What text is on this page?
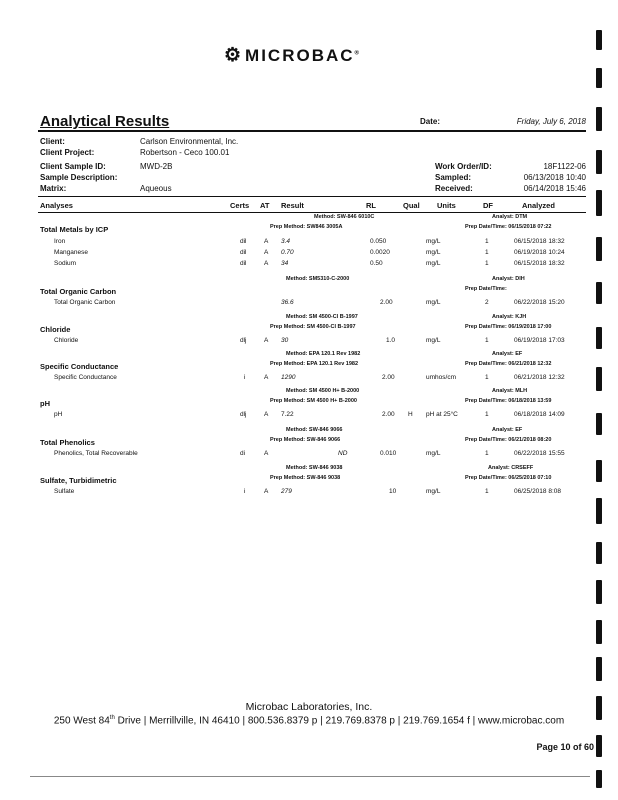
⚙ MICROBAC®
Analytical Results	Date:	Friday, July 6, 2018
Client:	Carlson Environmental, Inc.
Client Project:	Robertson - Ceco 100.01
Client Sample ID:	MWD-2B
Sample Description:
Matrix:	Aqueous
Work Order/ID:	18F1122-06
Sampled:	06/13/2018 10:40
Received:	06/14/2018 15:46
Analyses	Certs AT Result	RL	Qual Units	DF	Analyzed
Method: SW-846 6010C	Analyst: DTM
Total Metals by ICP	Prep Method: SW846 3005A	Prep Date/Time: 06/15/2018 07:22
Iron	dil	A 3.4	0.050	mg/L	1	06/15/2018 18:32
Manganese	dil	A 0.70	0.0020	mg/L	1	06/19/2018 10:24
Sodium	dil	A 34	0.50	mg/L	1	06/15/2018 18:32
Method: SM5310-C-2000	Analyst: DIH
Total Organic Carbon	Prep Date/Time:
Total Organic Carbon	36.6	2.00	mg/L	2	06/22/2018 15:20
Method: SM 4500-Cl B-1997	Analyst: KJH
Chloride	Prep Method: SM 4500-Cl B-1997	Prep Date/Time: 06/19/2018 17:00
Chloride	dlj	A 30	1.0	mg/L	1	06/19/2018 17:03
Method: EPA 120.1 Rev 1982	Analyst: EF
Specific Conductance	Prep Method: EPA 120.1 Rev 1982	Prep Date/Time: 06/21/2018 12:32
Specific Conductance	i	A 1290	2.00	umhos/cm	1	06/21/2018 12:32
Method: SM 4500 H+ B-2000	Analyst: MLH
pH	Prep Method: SM 4500 H+ B-2000	Prep Date/Time: 06/18/2018 13:59
pH	dlj	A 7.22	2.00 H pH at 25°C	1	06/18/2018 14:09
Method: SW-846 9066	Analyst: EF
Total Phenolics	Prep Method: SW-846 9066	Prep Date/Time: 06/21/2018 08:20
Phenolics, Total Recoverable	di	A	ND	0.010	mg/L	1	06/22/2018 15:55
Method: SW-846 9038	Analyst: CRSEFF
Sulfate, Turbidimetric	Prep Method: SW-846 9038	Prep Date/Time: 06/25/2018 07:10
Sulfate	i	A 279	10	mg/L	1	06/25/2018 8:08
Microbac Laboratories, Inc.
250 West 84th Drive | Merrillville, IN 46410 | 800.536.8379 p | 219.769.8378 p | 219.769.1654 f | www.microbac.com
Page 10 of 60
